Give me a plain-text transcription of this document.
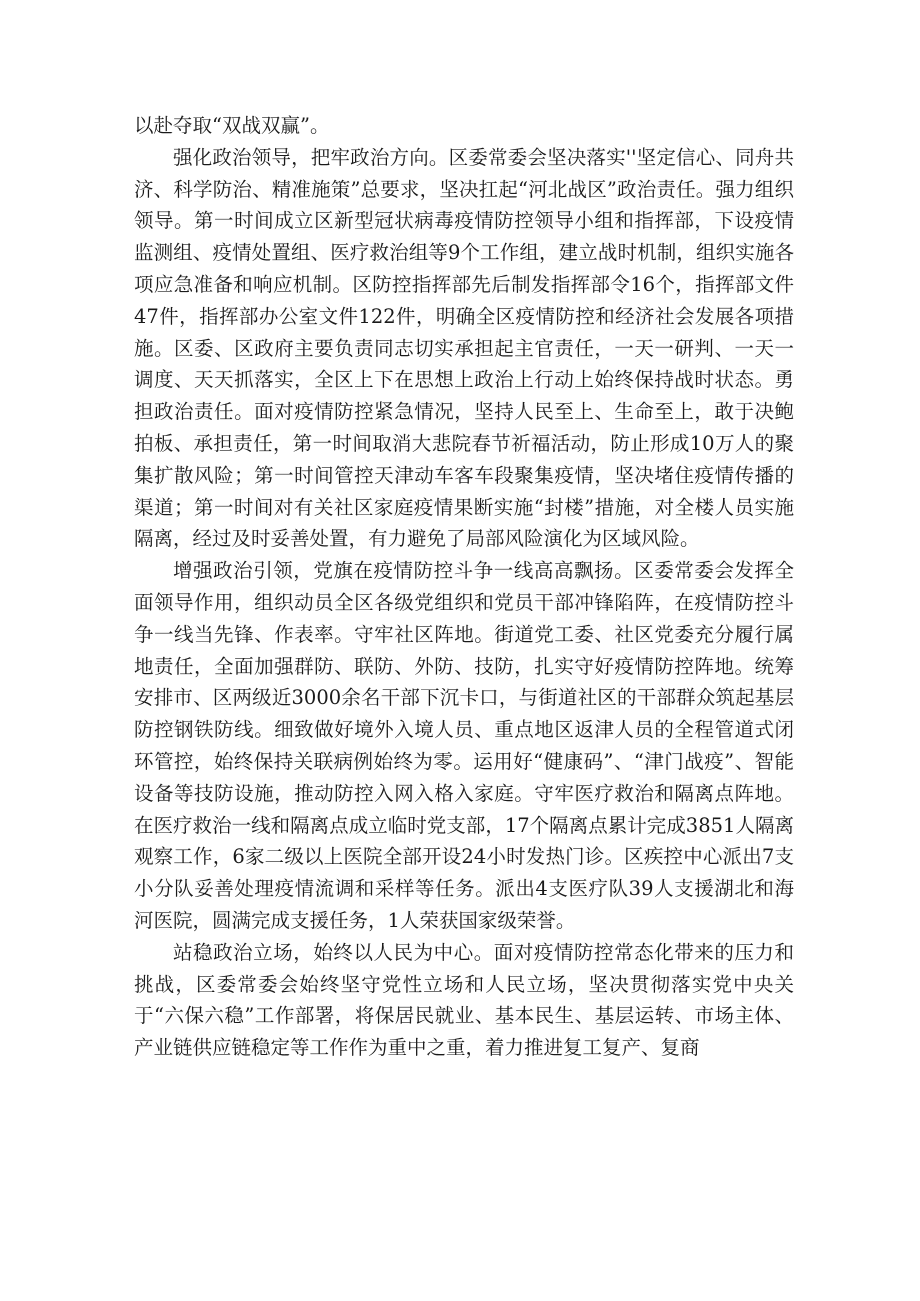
以赴夺取“双战双赢”。

强化政治领导，把牢政治方向。区委常委会坚决落实''坚定信心、同舟共济、科学防治、精准施策”总要求，坚决扛起“河北战区”政治责任。强力组织领导。第一时间成立区新型冠状病毒疫情防控领导小组和指挥部，下设疫情监测组、疫情处置组、医疗救治组等9个工作组，建立战时机制，组织实施各项应急准备和响应机制。区防控指挥部先后制发指挥部令16个，指挥部文件47件，指挥部办公室文件122件，明确全区疫情防控和经济社会发展各项措施。区委、区政府主要负责同志切实承担起主官责任，一天一研判、一天一调度、天天抓落实，全区上下在思想上政治上行动上始终保持战时状态。勇担政治责任。面对疫情防控紧急情况，坚持人民至上、生命至上，敢于决鲍拍板、承担责任，第一时间取消大悲院春节祈福活动，防止形成10万人的聚集扩散风险；第一时间管控天津动车客车段聚集疫情，坚决堵住疫情传播的渠道；第一时间对有关社区家庭疫情果断实施“封楼”措施，对全楼人员实施隔离，经过及时妥善处置，有力避免了局部风险演化为区域风险。

增强政治引领，党旗在疫情防控斗争一线高高飘扬。区委常委会发挥全面领导作用，组织动员全区各级党组织和党员干部冲锋陷阵，在疫情防控斗争一线当先锋、作表率。守牢社区阵地。街道党工委、社区党委充分履行属地责任，全面加强群防、联防、外防、技防，扎实守好疫情防控阵地。统筹安排市、区两级近3000余名干部下沉卡口，与街道社区的干部群众筑起基层防控钢铁防线。细致做好境外入境人员、重点地区返津人员的全程管道式闭环管控，始终保持关联病例始终为零。运用好“健康码”、“津门战疫”、智能设备等技防设施，推动防控入网入格入家庭。守牢医疗救治和隔离点阵地。在医疗救治一线和隔离点成立临时党支部，17个隔离点累计完成3851人隔离观察工作，6家二级以上医院全部开设24小时发热门诊。区疾控中心派出7支小分队妥善处理疫情流调和采样等任务。派出4支医疗队39人支援湖北和海河医院，圆满完成支援任务，1人荣获国家级荣誉。

站稳政治立场，始终以人民为中心。面对疫情防控常态化带来的压力和挑战，区委常委会始终坚守党性立场和人民立场，坚决贯彻落实党中央关于“六保六稳”工作部署，将保居民就业、基本民生、基层运转、市场主体、产业链供应链稳定等工作作为重中之重，着力推进复工复产、复商
